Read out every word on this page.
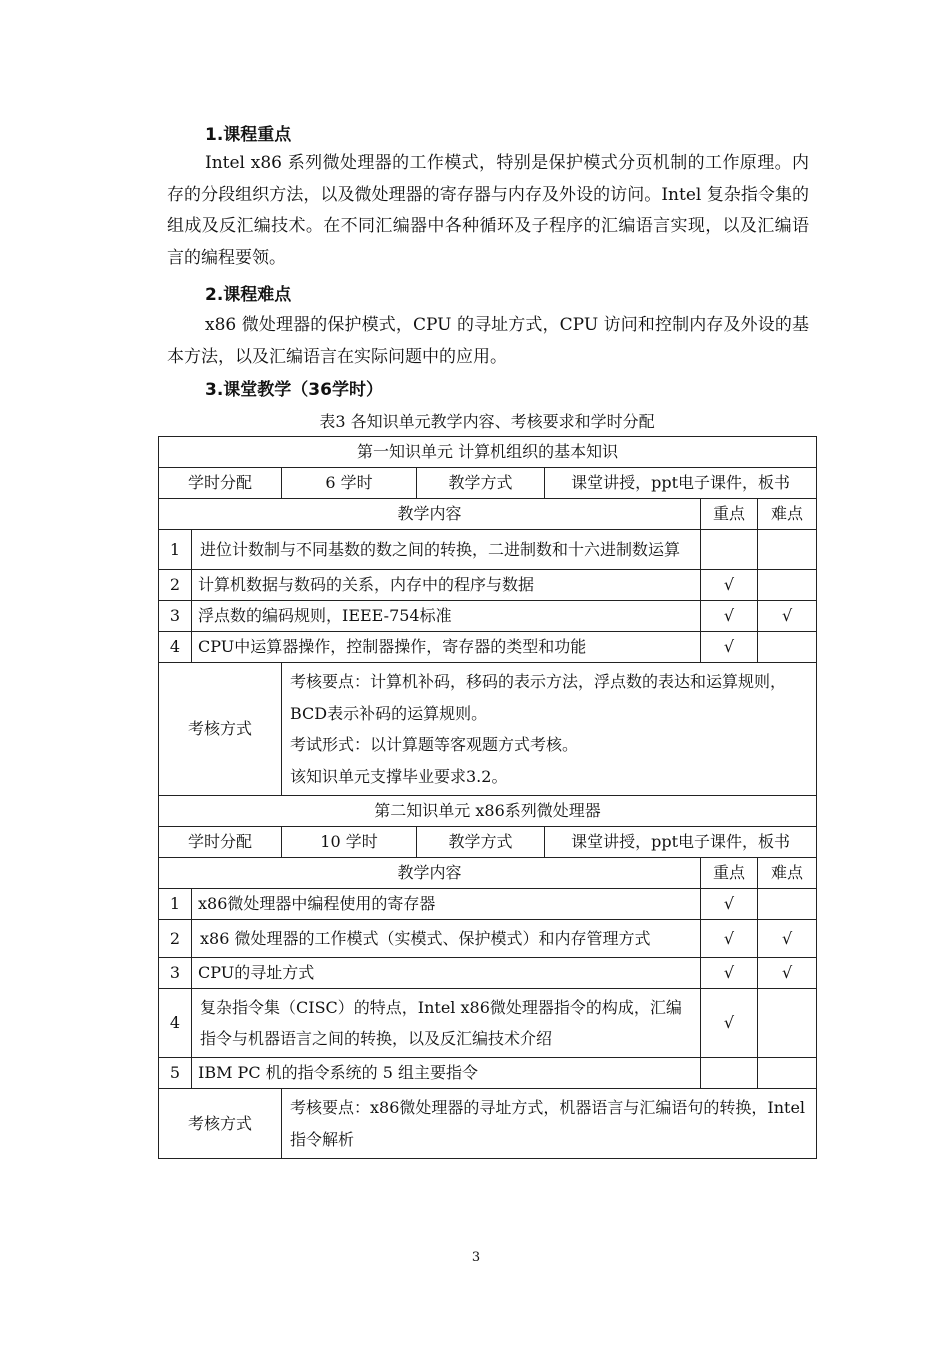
1.课程重点

Intel x86 系列微处理器的工作模式，特别是保护模式分页机制的工作原理。内存的分段组织方法，以及微处理器的寄存器与内存及外设的访问。Intel 复杂指令集的组成及反汇编技术。在不同汇编器中各种循环及子程序的汇编语言实现，以及汇编语言的编程要领。

2.课程难点

x86 微处理器的保护模式，CPU 的寻址方式，CPU 访问和控制内存及外设的基本方法，以及汇编语言在实际问题中的应用。

3.课堂教学（36学时）
表3 各知识单元教学内容、考核要求和学时分配
第一知识单元 计算机组织的基本知识						
学时分配		6 学时	教学方式	课堂讲授，ppt电子课件，板书		
教学内容					重点	难点
1	进位计数制与不同基数的数之间的转换，二进制数和十六进制数运算					
2	计算机数据与数码的关系，内存中的程序与数据				√	
3	浮点数的编码规则，IEEE-754标准				√	√
4	CPU中运算器操作，控制器操作，寄存器的类型和功能				√	
考核方式		考核要点：计算机补码，移码的表示方法，浮点数的表达和运算规则，BCD表示补码的运算规则。
考试形式：以计算题等客观题方式考核。
该知识单元支撑毕业要求3.2。				

第二知识单元 x86系列微处理器						
学时分配		10 学时	教学方式	课堂讲授，ppt电子课件，板书		
教学内容					重点	难点
1	x86微处理器中编程使用的寄存器				√	
2	x86 微处理器的工作模式（实模式、保护模式）和内存管理方式				√	√
3	CPU的寻址方式				√	√
4	复杂指令集（CISC）的特点，Intel x86微处理器指令的构成，汇编指令与机器语言之间的转换，以及反汇编技术介绍				√	
5	IBM PC 机的指令系统的 5 组主要指令					
考核方式		考核要点：x86微处理器的寻址方式，机器语言与汇编语句的转换，Intel指令解析				
3
